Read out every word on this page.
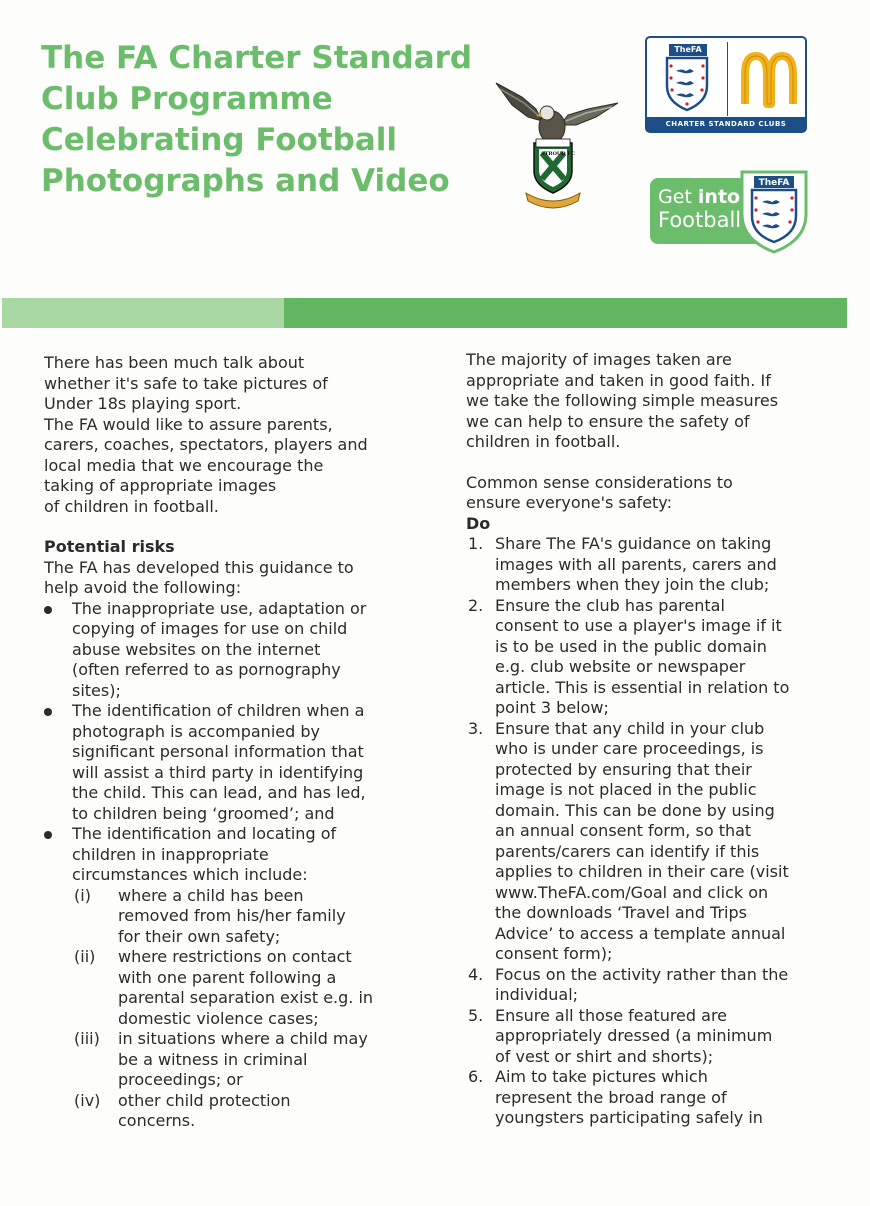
The FA Charter Standard
Club Programme
Celebrating Football
Photographs and Video
STROUD FC
TheFA
CHARTER STANDARD CLUBS
Get into
Football
TheFA

There has been much talk about
whether it's safe to take pictures of
Under 18s playing sport.

The FA would like to assure parents,
carers, coaches, spectators, players and
local media that we encourage the
taking of appropriate images
of children in football.

Potential risks

The FA has developed this guidance to
help avoid the following:

The inappropriate use, adaptation or
copying of images for use on child
abuse websites on the internet
(often referred to as pornography
sites);
The identification of children when a
photograph is accompanied by
significant personal information that
will assist a third party in identifying
the child. This can lead, and has led,
to children being ‘groomed’; and
The identification and locating of
children in inappropriate
circumstances which include:
(i) where a child has been
removed from his/her family
for their own safety;
(ii) where restrictions on contact
with one parent following a
parental separation exist e.g. in
domestic violence cases;
(iii) in situations where a child may
be a witness in criminal
proceedings; or
(iv) other child protection
concerns.

The majority of images taken are
appropriate and taken in good faith. If
we take the following simple measures
we can help to ensure the safety of
children in football.

Common sense considerations to
ensure everyone's safety:

Do

1. Share The FA's guidance on taking
images with all parents, carers and
members when they join the club;
2. Ensure the club has parental
consent to use a player's image if it
is to be used in the public domain
e.g. club website or newspaper
article. This is essential in relation to
point 3 below;
3. Ensure that any child in your club
who is under care proceedings, is
protected by ensuring that their
image is not placed in the public
domain. This can be done by using
an annual consent form, so that
parents/carers can identify if this
applies to children in their care (visit
www.TheFA.com/Goal and click on
the downloads ‘Travel and Trips
Advice’ to access a template annual
consent form);
4. Focus on the activity rather than the
individual;
5. Ensure all those featured are
appropriately dressed (a minimum
of vest or shirt and shorts);
6. Aim to take pictures which
represent the broad range of
youngsters participating safely in
